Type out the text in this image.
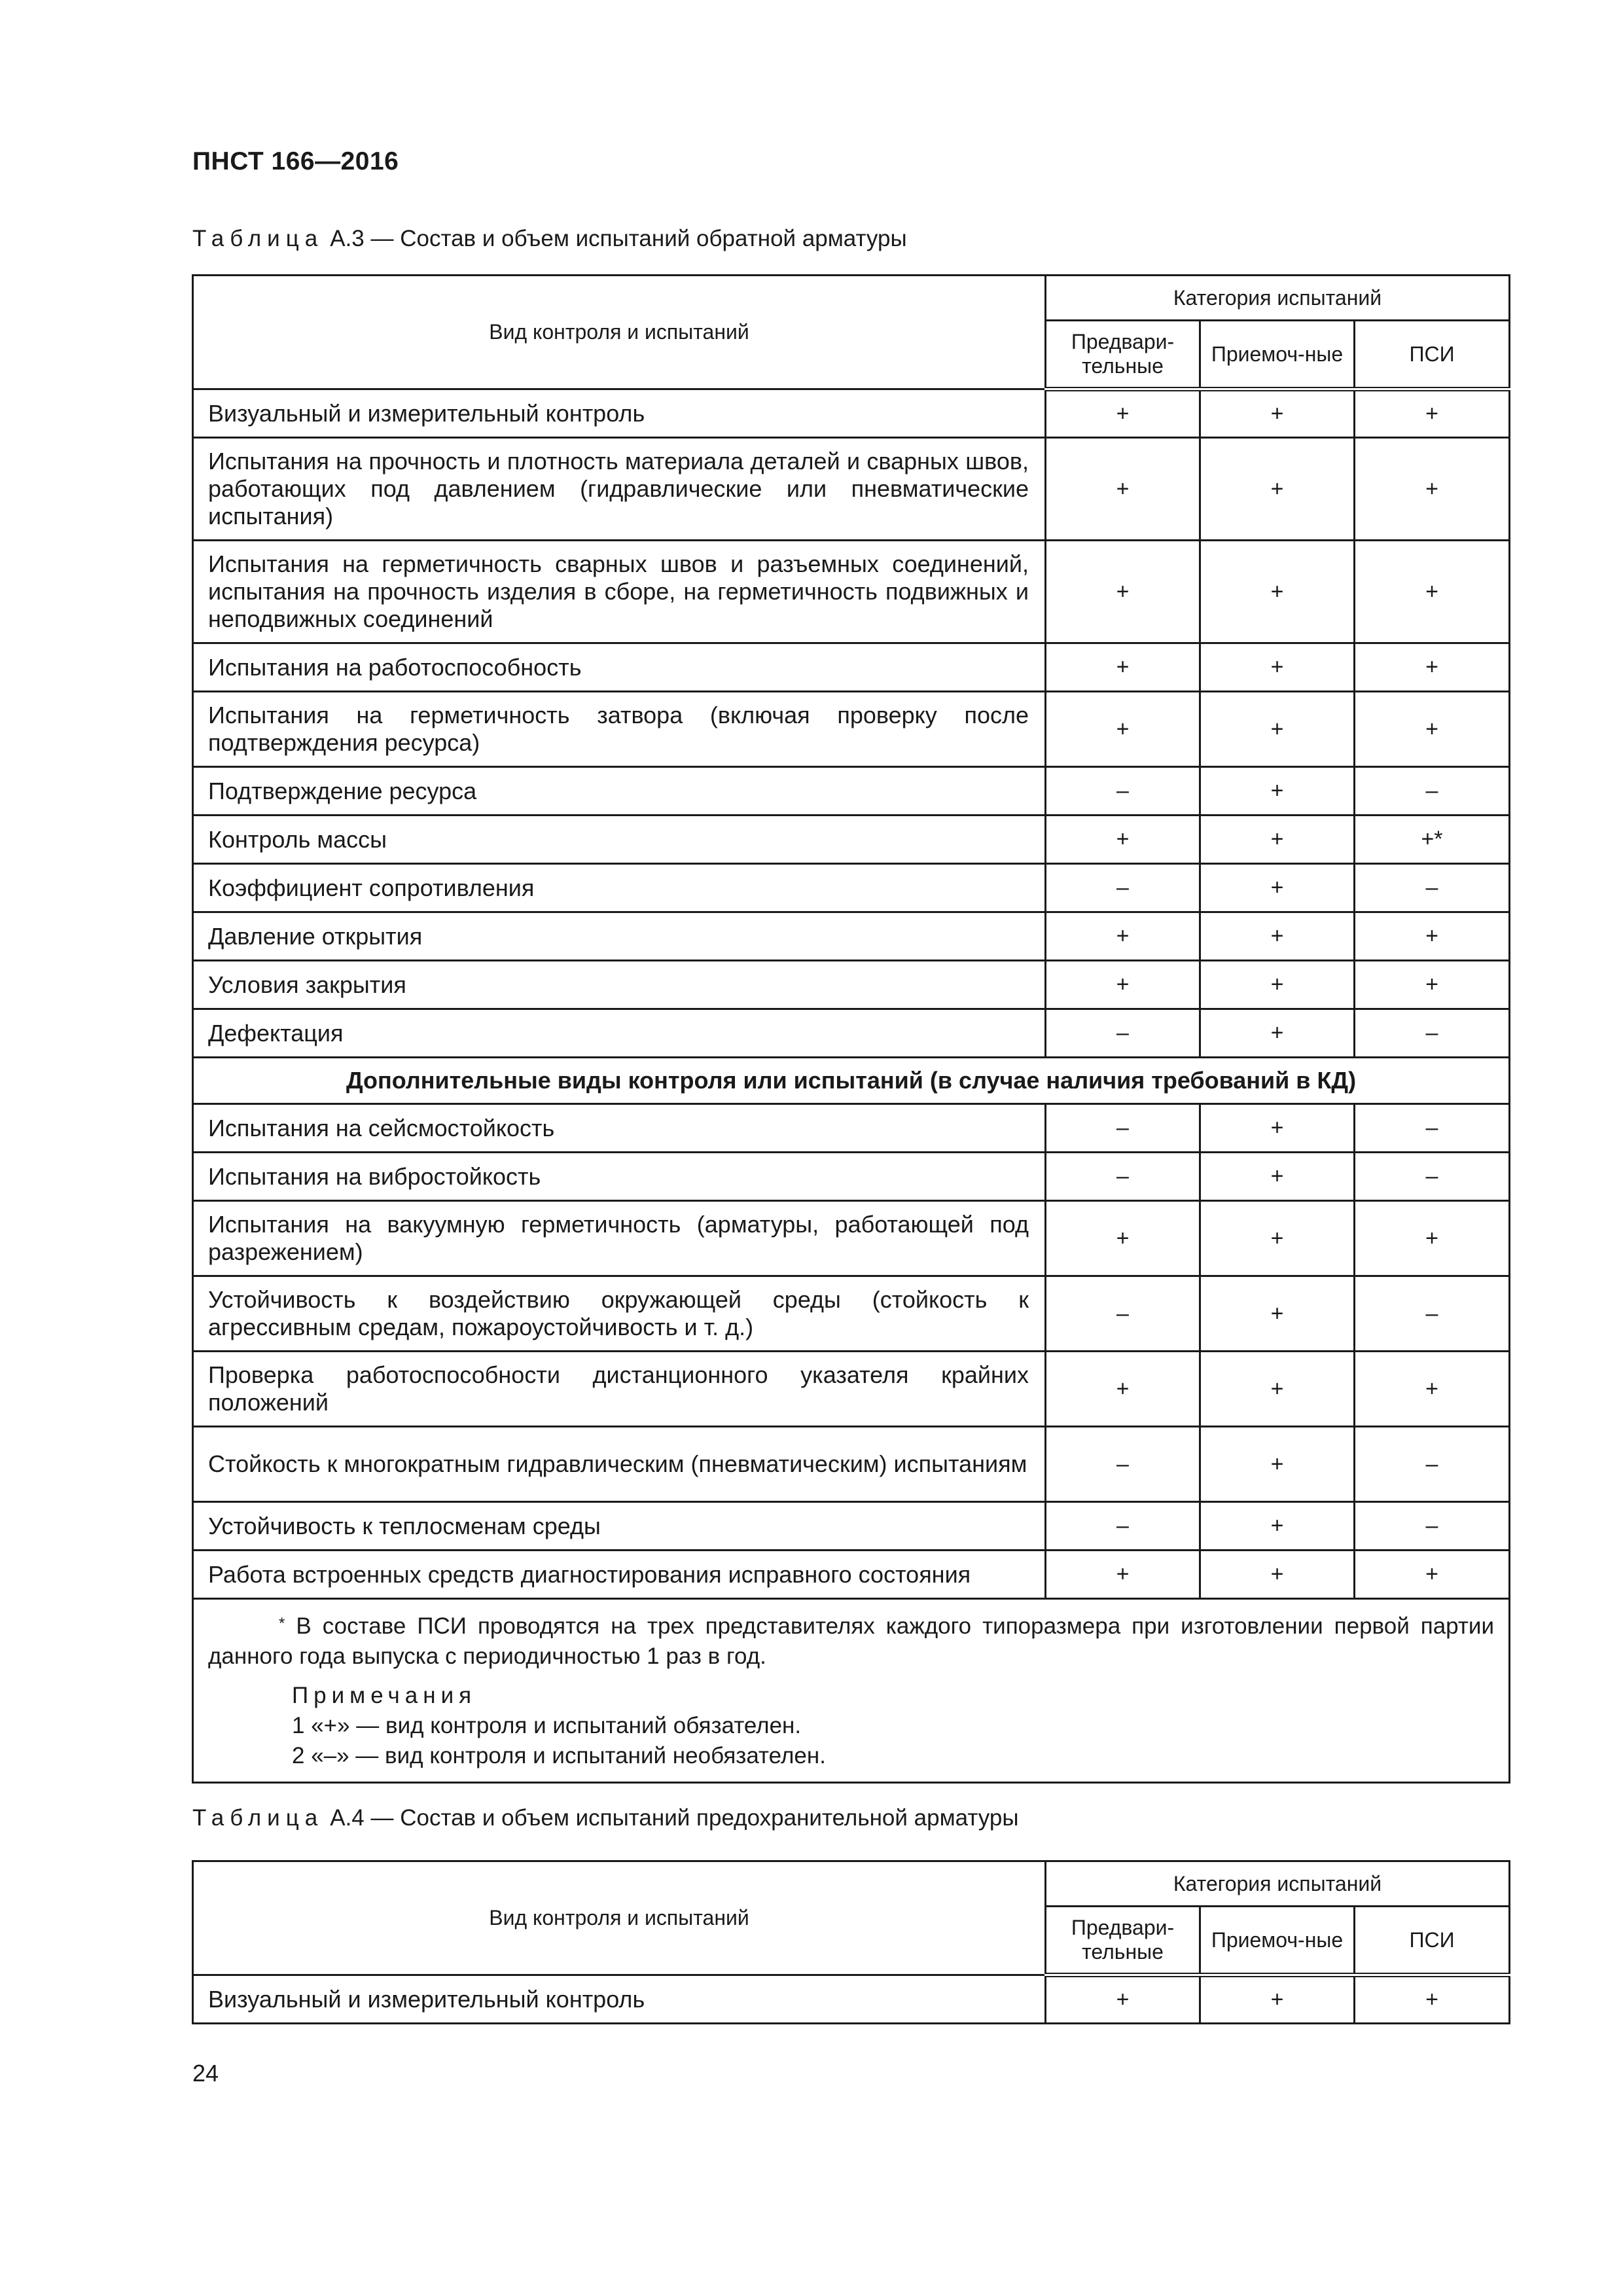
ПНСТ 166—2016
Таблица А.3 — Состав и объем испытаний обратной арматуры
Вид контроля и испытаний	Категория испытаний		
	Предвари-тельные	Приемоч-ные	ПСИ
Визуальный и измерительный контроль	+	+	+
Испытания на прочность и плотность материала деталей и сварных швов, работающих под давлением (гидравлические или пневматические испытания)	+	+	+
Испытания на герметичность сварных швов и разъемных соединений, испытания на прочность изделия в сборе, на герметичность подвижных и неподвижных соединений	+	+	+
Испытания на работоспособность	+	+	+
Испытания на герметичность затвора (включая проверку после подтверждения ресурса)	+	+	+
Подтверждение ресурса	–	+	–
Контроль массы	+	+	+*
Коэффициент сопротивления	–	+	–
Давление открытия	+	+	+
Условия закрытия	+	+	+
Дефектация	–	+	–
Дополнительные виды контроля или испытаний (в случае наличия требований в КД)			
Испытания на сейсмостойкость	–	+	–
Испытания на вибростойкость	–	+	–
Испытания на вакуумную герметичность (арматуры, работающей под разрежением)	+	+	+
Устойчивость к воздействию окружающей среды (стойкость к агрессивным средам, пожароустойчивость и т. д.)	–	+	–
Проверка работоспособности дистанционного указателя крайних положений	+	+	+
Стойкость к многократным гидравлическим (пневматическим) испытаниям	–	+	–
Устойчивость к теплосменам среды	–	+	–
Работа встроенных средств диагностирования исправного состояния	+	+	+

* В составе ПСИ проводятся на трех представителях каждого типоразмера при изготовлении первой партии данного года выпуска с периодичностью 1 раз в год.
Примечания
1 «+» — вид контроля и испытаний обязателен.
2 «–» — вид контроля и испытаний необязателен.			
Таблица А.4 — Состав и объем испытаний предохранительной арматуры
Вид контроля и испытаний	Категория испытаний		
	Предвари-тельные	Приемоч-ные	ПСИ
Визуальный и измерительный контроль	+	+	+
24
